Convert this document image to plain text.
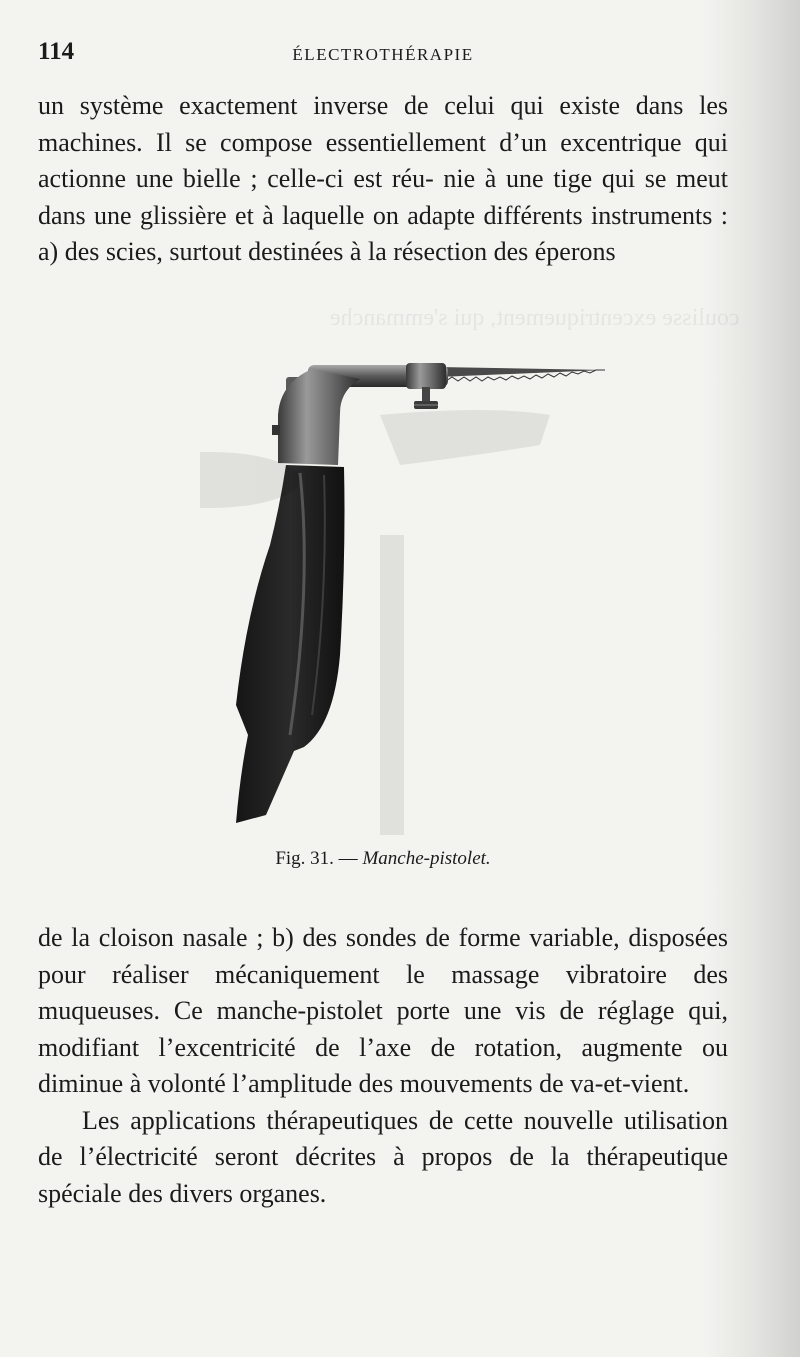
coulisse excentriquement, qui s'emmanche
114	ÉLECTROTHÉRAPIE

un système exactement inverse de celui qui existe dans les machines. Il se compose essentiellement d’un excentrique qui actionne une bielle ; celle-ci est réu- nie à une tige qui se meut dans une glissière et à laquelle on adapte différents instruments : a) des scies, surtout destinées à la résection des éperons

Fig. 31. — Manche-pistolet.

de la cloison nasale ; b) des sondes de forme variable, disposées pour réaliser mécaniquement le massage vibratoire des muqueuses. Ce manche-pistolet porte une vis de réglage qui, modifiant l’excentricité de l’axe de rotation, augmente ou diminue à volonté l’amplitude des mouvements de va-et-vient.

Les applications thérapeutiques de cette nouvelle utilisation de l’électricité seront décrites à propos de la thérapeutique spéciale des divers organes.
